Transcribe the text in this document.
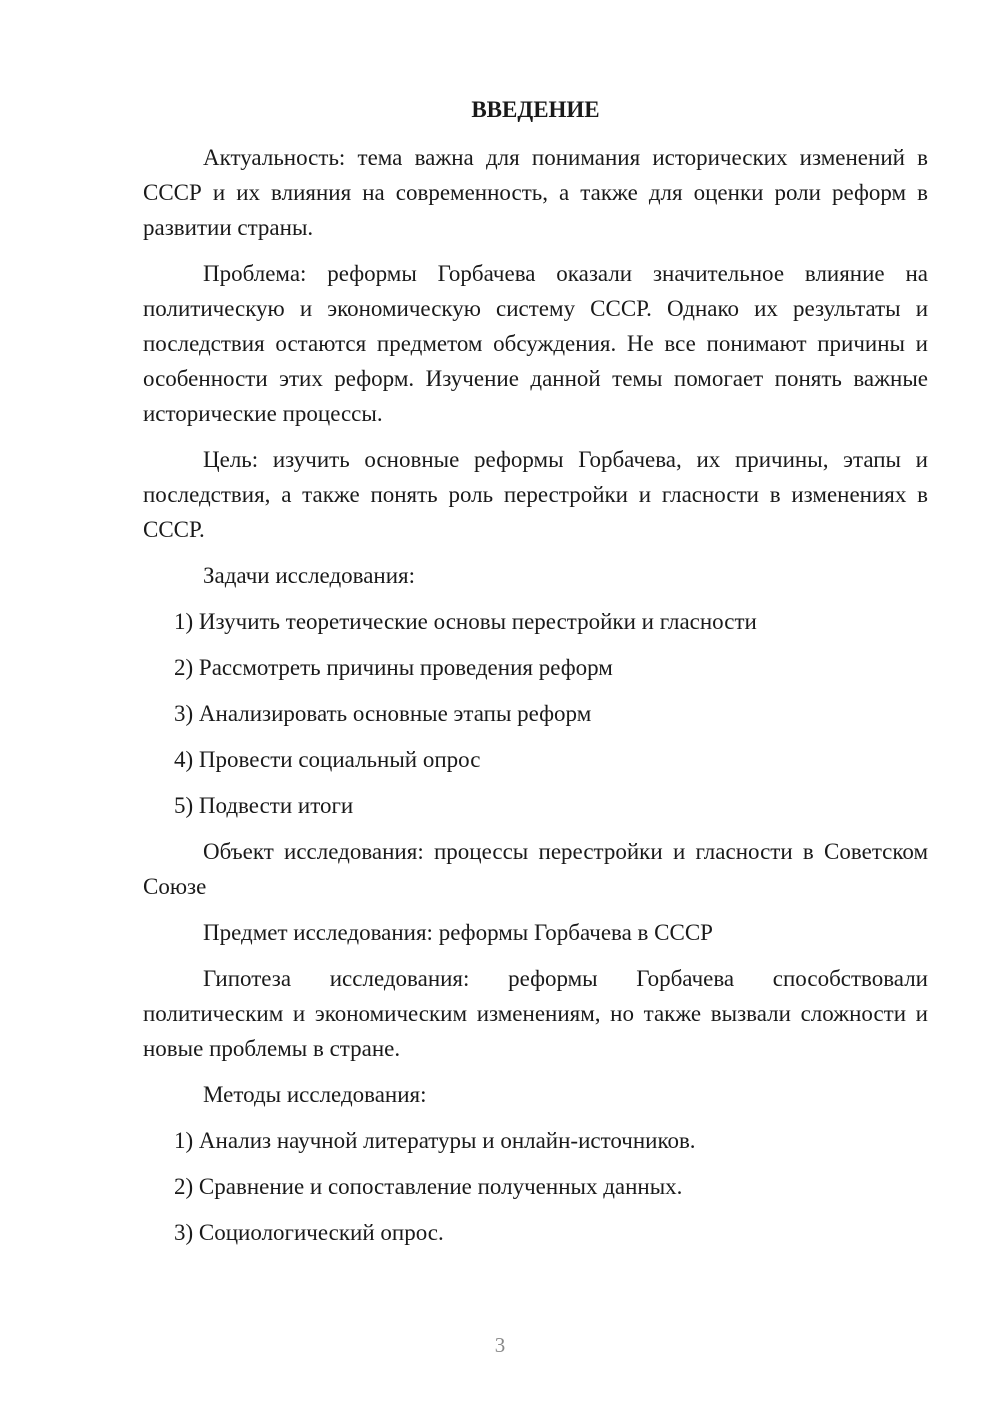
ВВЕДЕНИЕ

Актуальность: тема важна для понимания исторических изменений в СССР и их влияния на современность, а также для оценки роли реформ в развитии страны.

Проблема: реформы Горбачева оказали значительное влияние на политическую и экономическую систему СССР. Однако их результаты и последствия остаются предметом обсуждения. Не все понимают причины и особенности этих реформ. Изучение данной темы помогает понять важные исторические процессы.

Цель: изучить основные реформы Горбачева, их причины, этапы и последствия, а также понять роль перестройки и гласности в изменениях в СССР.

Задачи исследования:

1) Изучить теоретические основы перестройки и гласности

2) Рассмотреть причины проведения реформ

3) Анализировать основные этапы реформ

4) Провести социальный опрос

5) Подвести итоги

Объект исследования: процессы перестройки и гласности в Советском Союзе

Предмет исследования: реформы Горбачева в СССР

Гипотеза исследования: реформы Горбачева способствовали политическим и экономическим изменениям, но также вызвали сложности и новые проблемы в стране.

Методы исследования:

1) Анализ научной литературы и онлайн-источников.

2) Сравнение и сопоставление полученных данных.

3) Социологический опрос.

3
